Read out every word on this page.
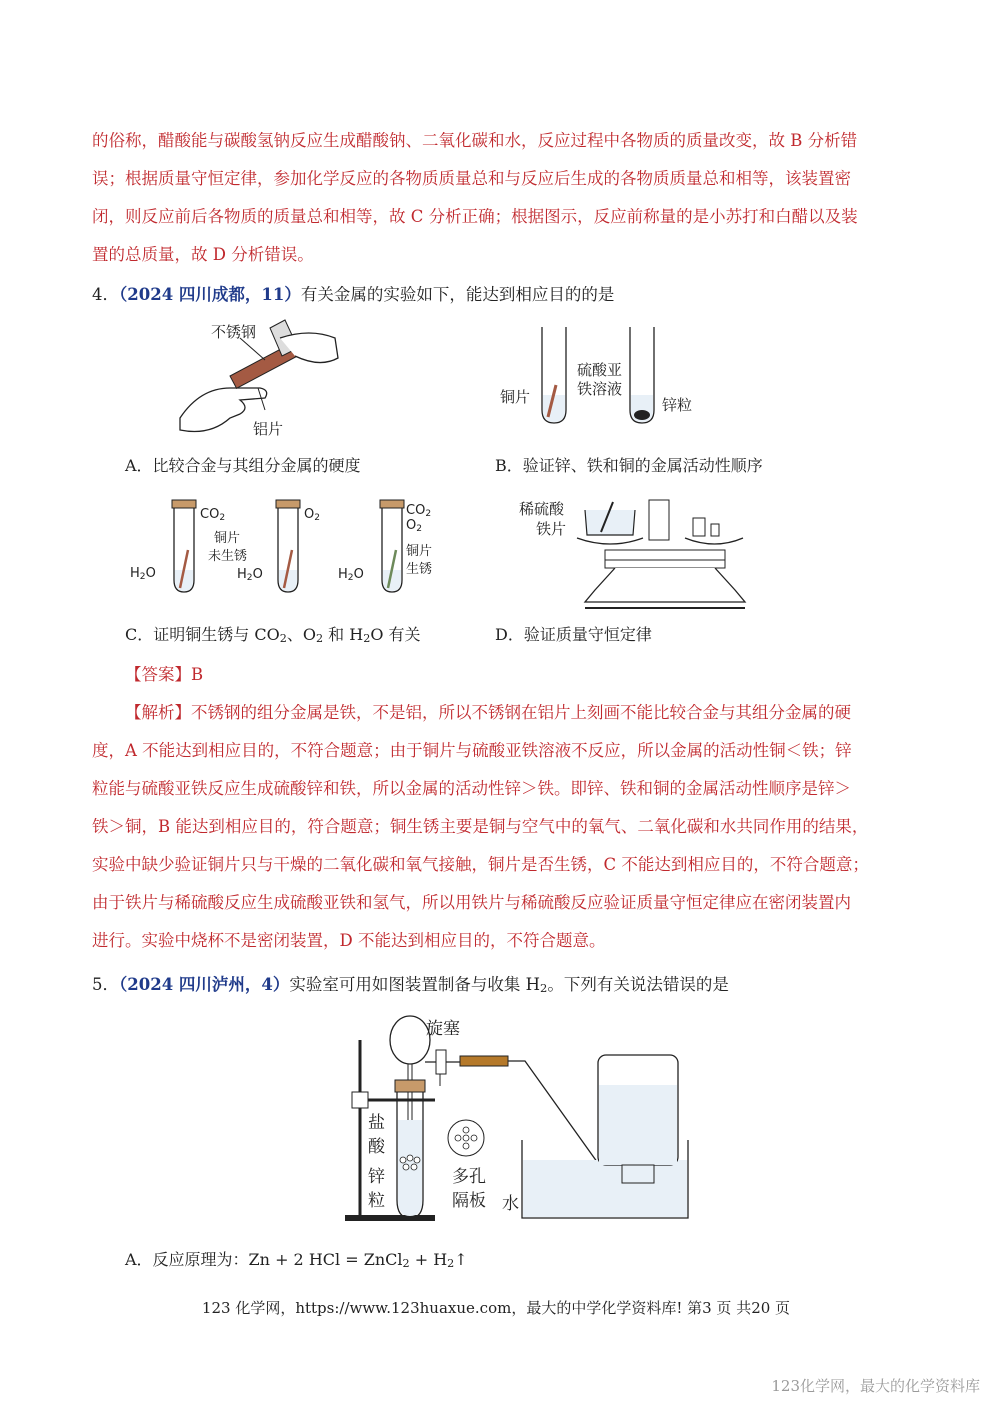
的俗称，醋酸能与碳酸氢钠反应生成醋酸钠、二氧化碳和水，反应过程中各物质的质量改变，故 B 分析错
误；根据质量守恒定律，参加化学反应的各物质质量总和与反应后生成的各物质质量总和相等，该装置密
闭，则反应前后各物质的质量总和相等，故 C 分析正确；根据图示，反应前称量的是小苏打和白醋以及装
置的总质量，故 D 分析错误。
4．（2024 四川成都，11）有关金属的实验如下，能达到相应目的的是
不锈钢
铝片
铜片
硫酸亚
铁溶液
锌粒
A．比较合金与其组分金属的硬度	B．验证锌、铁和铜的金属活动性顺序
$CO_2$	$O_2$	$CO_2$
$O_2$
铜片
未生锈	铜片
生锈
$H_2O$	$H_2O$	$H_2O$
稀硫酸
铁片
C．证明铜生锈与 $CO_2$、$O_2$ 和 $H_2O$ 有关	D．验证质量守恒定律
【答案】B
【解析】不锈钢的组分金属是铁，不是铝，所以不锈钢在铝片上刻画不能比较合金与其组分金属的硬
度，A 不能达到相应目的，不符合题意；由于铜片与硫酸亚铁溶液不反应，所以金属的活动性铜＜铁；锌
粒能与硫酸亚铁反应生成硫酸锌和铁，所以金属的活动性锌＞铁。即锌、铁和铜的金属活动性顺序是锌＞
铁＞铜，B 能达到相应目的，符合题意；铜生锈主要是铜与空气中的氧气、二氧化碳和水共同作用的结果，
实验中缺少验证铜片只与干燥的二氧化碳和氧气接触，铜片是否生锈，C 不能达到相应目的，不符合题意；
由于铁片与稀硫酸反应生成硫酸亚铁和氢气，所以用铁片与稀硫酸反应验证质量守恒定律应在密闭装置内
进行。实验中烧杯不是密闭装置，D 不能达到相应目的，不符合题意。
5．（2024 四川泸州，4）实验室可用如图装置制备与收集 $H_2$。下列有关说法错误的是
旋塞
盐
酸
锌
粒
多孔
隔板 水
A．反应原理为：Zn + 2 HCl = ZnCl$_2$ + $H_2↑$
123 化学网，https://www.123huaxue.com，最大的中学化学资料库! 第3 页 共20 页
123化学网，最大的化学资料库
